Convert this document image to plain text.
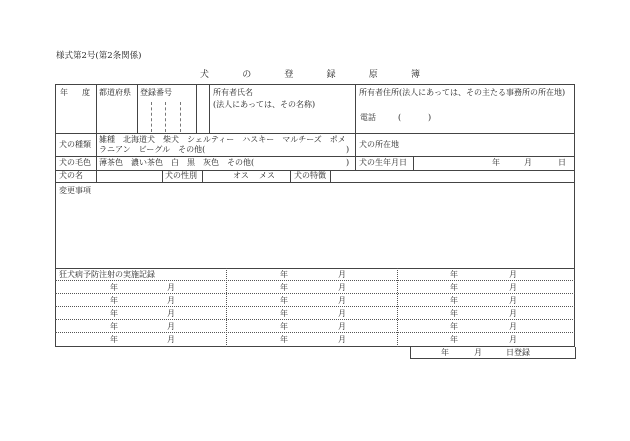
様式第2号(第2条関係)
犬	の	登	録	原	簿
年 度 都道府県 登録番号	所有者氏名
(法人にあっては、その名称)
所有者住所(法人にあっては、その主たる事務所の所在地)
電話	(	)
犬の種類
雑種　北海道犬　柴犬　シェルティー　ハスキー　マルチーズ　ポメ
ラニアン　ビーグル　その他(	)
犬の所在地
犬の毛色 薄茶色　濃い茶色　白　黒　灰色　その他(	) 犬の生年月日	年	月	日
犬の名	犬の性別	オス メス 犬の特徴
変更事項
狂犬病予防注射の実施記録	年	月	年	月
年	月	年	月	年	月
年	月	年	月	年	月
年	月	年	月	年	月
年	月	年	月	年	月
年	月	年	月	年	月
年	月	日登録
